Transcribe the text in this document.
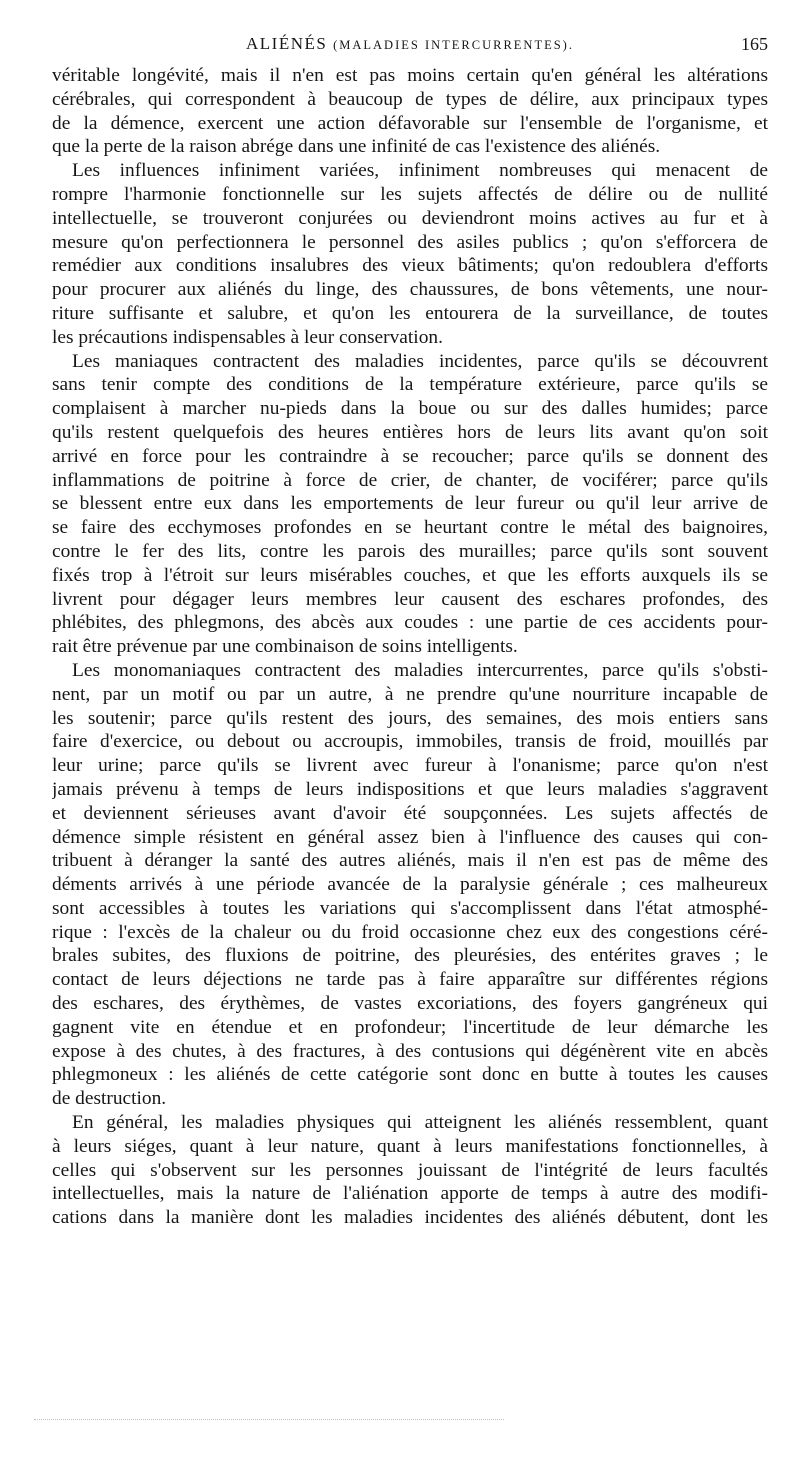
ALIÉNÉS (MALADIES INTERCURRENTES).	165
véritable longévité, mais il n'en est pas moins certain qu'en général les altérations
cérébrales, qui correspondent à beaucoup de types de délire, aux principaux types
de la démence, exercent une action défavorable sur l'ensemble de l'organisme, et
que la perte de la raison abrége dans une infinité de cas l'existence des aliénés.
Les influences infiniment variées, infiniment nombreuses qui menacent de
rompre l'harmonie fonctionnelle sur les sujets affectés de délire ou de nullité
intellectuelle, se trouveront conjurées ou deviendront moins actives au fur et à
mesure qu'on perfectionnera le personnel des asiles publics ; qu'on s'efforcera de
remédier aux conditions insalubres des vieux bâtiments; qu'on redoublera d'efforts
pour procurer aux aliénés du linge, des chaussures, de bons vêtements, une nour-
riture suffisante et salubre, et qu'on les entourera de la surveillance, de toutes
les précautions indispensables à leur conservation.
Les maniaques contractent des maladies incidentes, parce qu'ils se découvrent
sans tenir compte des conditions de la température extérieure, parce qu'ils se
complaisent à marcher nu-pieds dans la boue ou sur des dalles humides; parce
qu'ils restent quelquefois des heures entières hors de leurs lits avant qu'on soit
arrivé en force pour les contraindre à se recoucher; parce qu'ils se donnent des
inflammations de poitrine à force de crier, de chanter, de vociférer; parce qu'ils
se blessent entre eux dans les emportements de leur fureur ou qu'il leur arrive de
se faire des ecchymoses profondes en se heurtant contre le métal des baignoires,
contre le fer des lits, contre les parois des murailles; parce qu'ils sont souvent
fixés trop à l'étroit sur leurs misérables couches, et que les efforts auxquels ils se
livrent pour dégager leurs membres leur causent des eschares profondes, des
phlébites, des phlegmons, des abcès aux coudes : une partie de ces accidents pour-
rait être prévenue par une combinaison de soins intelligents.
Les monomaniaques contractent des maladies intercurrentes, parce qu'ils s'obsti-
nent, par un motif ou par un autre, à ne prendre qu'une nourriture incapable de
les soutenir; parce qu'ils restent des jours, des semaines, des mois entiers sans
faire d'exercice, ou debout ou accroupis, immobiles, transis de froid, mouillés par
leur urine; parce qu'ils se livrent avec fureur à l'onanisme; parce qu'on n'est
jamais prévenu à temps de leurs indispositions et que leurs maladies s'aggravent
et deviennent sérieuses avant d'avoir été soupçonnées. Les sujets affectés de
démence simple résistent en général assez bien à l'influence des causes qui con-
tribuent à déranger la santé des autres aliénés, mais il n'en est pas de même des
déments arrivés à une période avancée de la paralysie générale ; ces malheureux
sont accessibles à toutes les variations qui s'accomplissent dans l'état atmosphé-
rique : l'excès de la chaleur ou du froid occasionne chez eux des congestions céré-
brales subites, des fluxions de poitrine, des pleurésies, des entérites graves ; le
contact de leurs déjections ne tarde pas à faire apparaître sur différentes régions
des eschares, des érythèmes, de vastes excoriations, des foyers gangréneux qui
gagnent vite en étendue et en profondeur; l'incertitude de leur démarche les
expose à des chutes, à des fractures, à des contusions qui dégénèrent vite en abcès
phlegmoneux : les aliénés de cette catégorie sont donc en butte à toutes les causes
de destruction.
En général, les maladies physiques qui atteignent les aliénés ressemblent, quant
à leurs siéges, quant à leur nature, quant à leurs manifestations fonctionnelles, à
celles qui s'observent sur les personnes jouissant de l'intégrité de leurs facultés
intellectuelles, mais la nature de l'aliénation apporte de temps à autre des modifi-
cations dans la manière dont les maladies incidentes des aliénés débutent, dont les
